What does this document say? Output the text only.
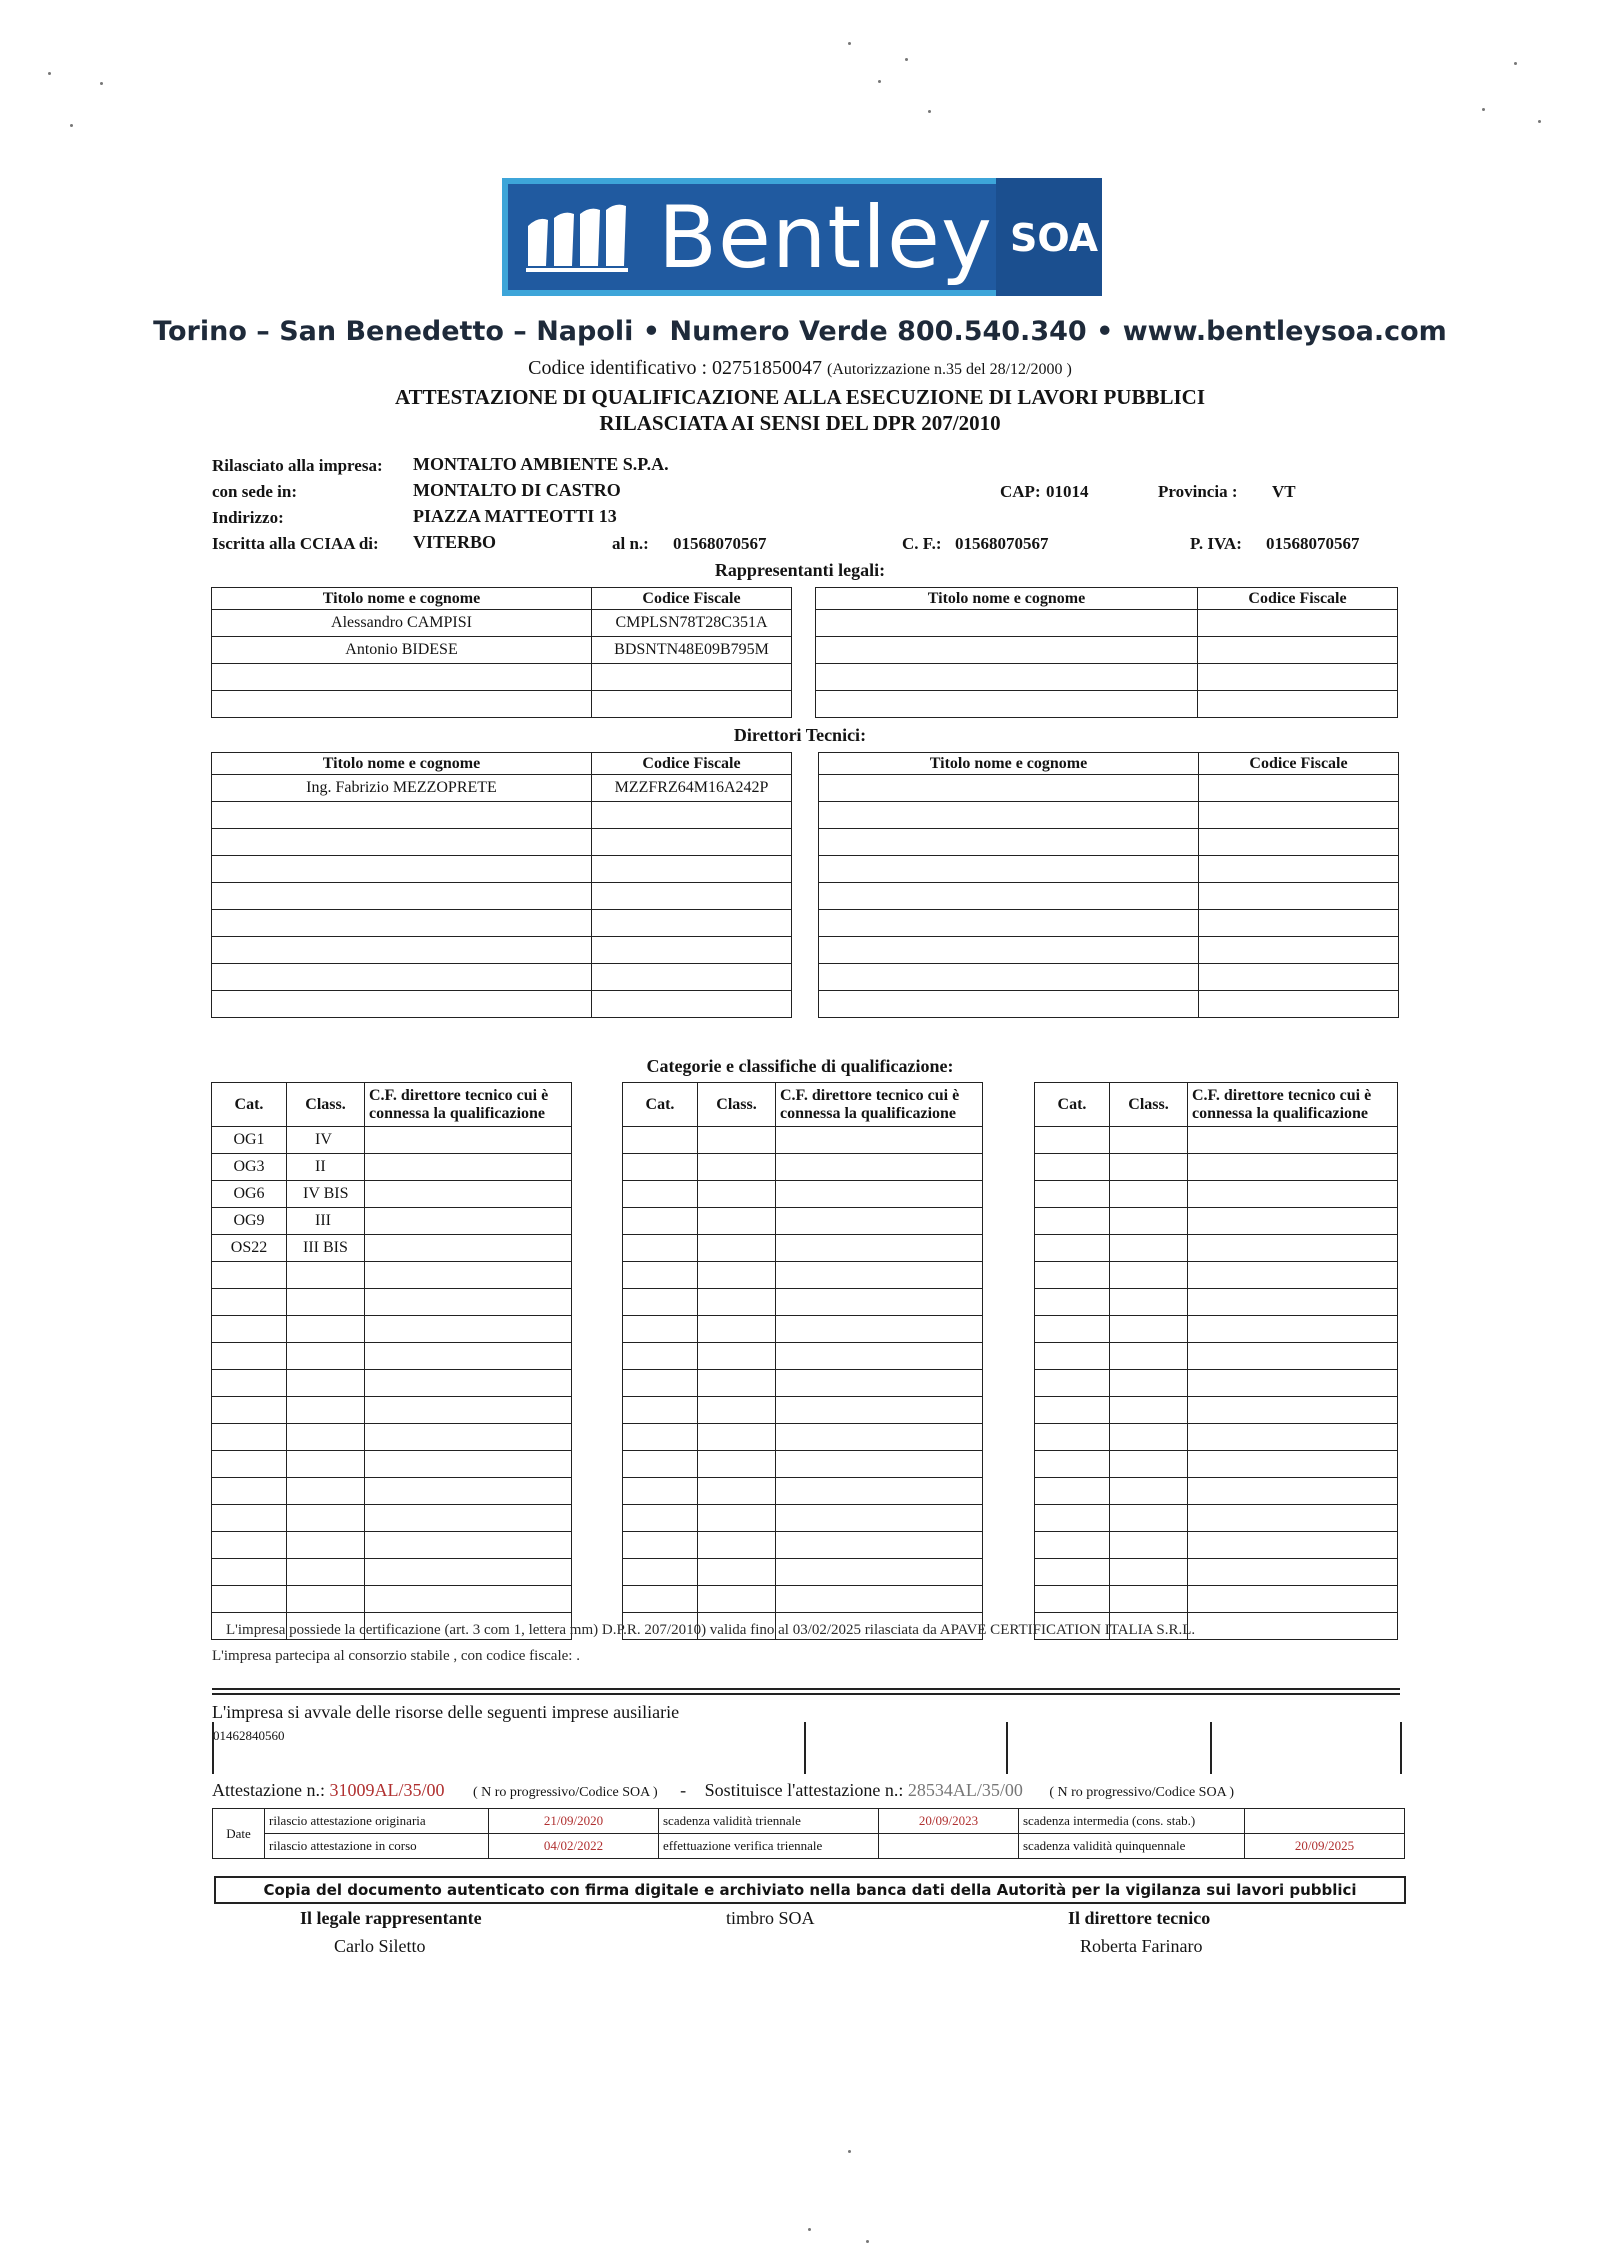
Bentley SOA
Torino – San Benedetto – Napoli • Numero Verde 800.540.340 • www.bentleysoa.com
Codice identificativo : 02751850047 (Autorizzazione n.35 del 28/12/2000 )
ATTESTAZIONE DI QUALIFICAZIONE ALLA ESECUZIONE DI LAVORI PUBBLICI
RILASCIATA AI SENSI DEL DPR 207/2010
Rilasciato alla impresa: MONTALTO AMBIENTE S.P.A.
con sede in:	MONTALTO DI CASTRO	CAP: 01014	Provincia : VT
Indirizzo:	PIAZZA MATTEOTTI 13
Iscritta alla CCIAA di: VITERBO	al n.: 01568070567	C. F.: 01568070567	P. IVA: 01568070567
Rappresentanti legali:
Titolo nome e cognome	Codice Fiscale
Alessandro CAMPISI	CMPLSN78T28C351A
Antonio BIDESE	BDSNTN48E09B795M

Titolo nome e cognome	Codice Fiscale

Direttori Tecnici:
Titolo nome e cognome	Codice Fiscale
Ing. Fabrizio MEZZOPRETE	MZZFRZ64M16A242P

Titolo nome e cognome	Codice Fiscale

Categorie e classifiche di qualificazione:
Cat.	Class.	C.F. direttore tecnico cui è connessa la qualificazione
OG1	IV	
OG3	II	
OG6	IV BIS	
OG9	III	
OS22	III BIS	

Cat.	Class.	C.F. direttore tecnico cui è connessa la qualificazione

Cat.	Class.	C.F. direttore tecnico cui è connessa la qualificazione

L'impresa possiede la certificazione (art. 3 com 1, lettera mm) D.P.R. 207/2010) valida fino al 03/02/2025 rilasciata da APAVE CERTIFICATION ITALIA S.R.L.
L'impresa partecipa al consorzio stabile , con codice fiscale: .
L'impresa si avvale delle risorse delle seguenti imprese ausiliarie
01462840560
Attestazione n.: 31009AL/35/00 ( N ro progressivo/Codice SOA ) - Sostituisce l'attestazione n.: 28534AL/35/00 ( N ro progressivo/Codice SOA )
Date	rilascio attestazione originaria	21/09/2020	scadenza validità triennale	20/09/2023	scadenza intermedia (cons. stab.)	
	rilascio attestazione in corso	04/02/2022	effettuazione verifica triennale		scadenza validità quinquennale	20/09/2025
Copia del documento autenticato con firma digitale e archiviato nella banca dati della Autorità per la vigilanza sui lavori pubblici
Il legale rappresentante
Carlo Siletto
timbro SOA	Il direttore tecnico
Roberta Farinaro
